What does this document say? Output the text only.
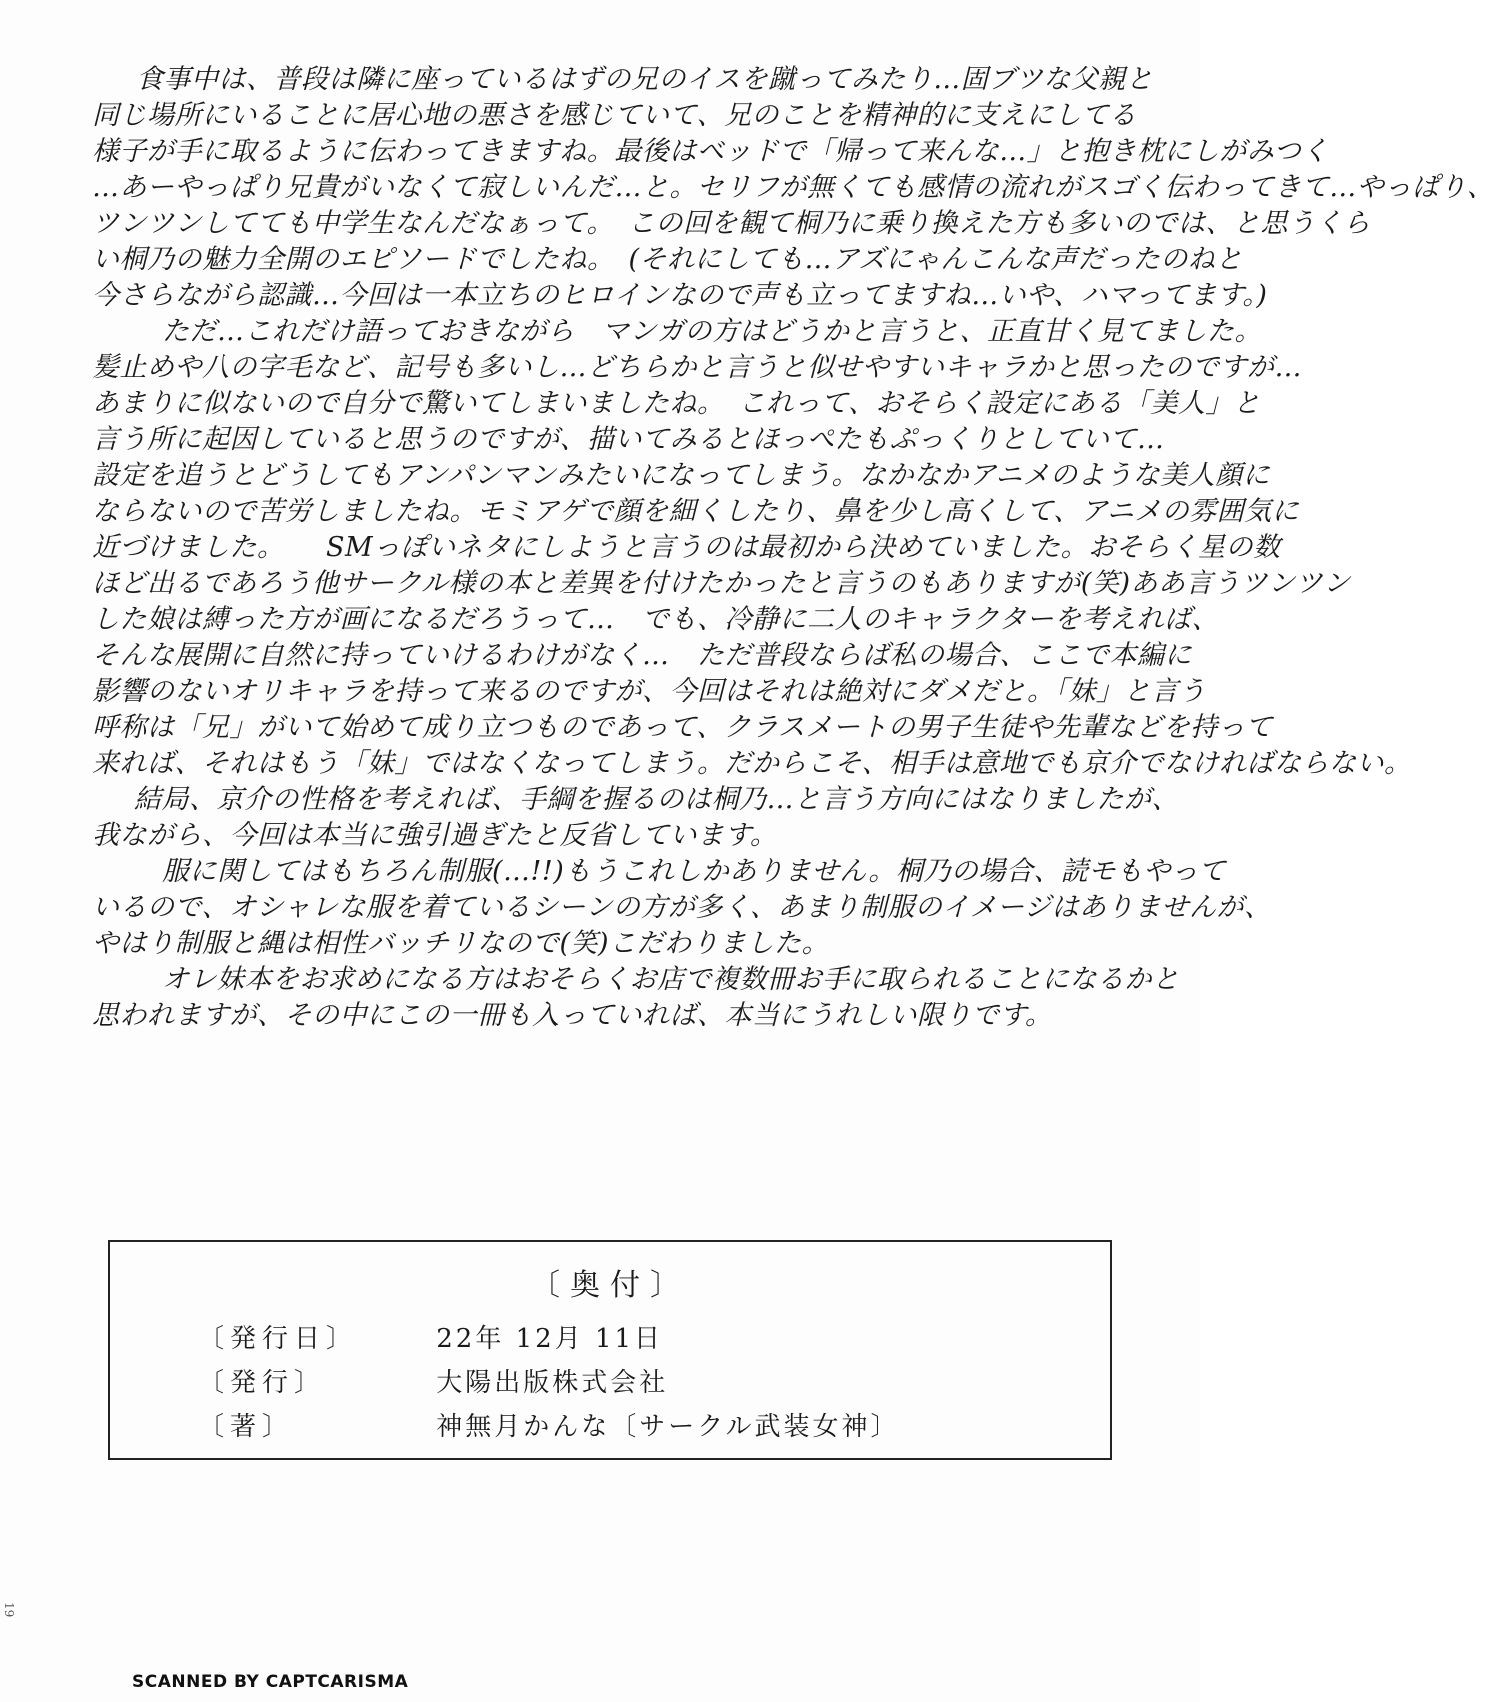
食事中は、普段は隣に座っているはずの兄のイスを蹴ってみたり…固ブツな父親と
同じ場所にいることに居心地の悪さを感じていて、兄のことを精神的に支えにしてる
様子が手に取るように伝わってきますね。最後はベッドで「帰って来んな…」と抱き枕にしがみつく
…あーやっぱり兄貴がいなくて寂しいんだ…と。セリフが無くても感情の流れがスゴく伝わってきて…やっぱり、
ツンツンしてても中学生なんだなぁって。　この回を観て桐乃に乗り換えた方も多いのでは、と思うくら
い桐乃の魅力全開のエピソードでしたね。　(それにしても…アズにゃんこんな声だったのねと
今さらながら認識…今回は一本立ちのヒロインなので声も立ってますね…いや、ハマってます。)
ただ…これだけ語っておきながら　マンガの方はどうかと言うと、正直甘く見てました。
髪止めや八の字毛など、記号も多いし…どちらかと言うと似せやすいキャラかと思ったのですが…
あまりに似ないので自分で驚いてしまいましたね。　これって、おそらく設定にある「美人」と
言う所に起因していると思うのですが、描いてみるとほっぺたもぷっくりとしていて…
設定を追うとどうしてもアンパンマンみたいになってしまう。なかなかアニメのような美人顔に
ならないので苦労しましたね。モミアゲで顔を細くしたり、鼻を少し高くして、アニメの雰囲気に
近づけました。　　SMっぽいネタにしようと言うのは最初から決めていました。おそらく星の数
ほど出るであろう他サークル様の本と差異を付けたかったと言うのもありますが(笑)ああ言うツンツン
した娘は縛った方が画になるだろうって…　でも、冷静に二人のキャラクターを考えれば、
そんな展開に自然に持っていけるわけがなく…　ただ普段ならば私の場合、ここで本編に
影響のないオリキャラを持って来るのですが、今回はそれは絶対にダメだと。「妹」と言う
呼称は「兄」がいて始めて成り立つものであって、クラスメートの男子生徒や先輩などを持って
来れば、それはもう「妹」ではなくなってしまう。だからこそ、相手は意地でも京介でなければならない。
結局、京介の性格を考えれば、手綱を握るのは桐乃…と言う方向にはなりましたが、
我ながら、今回は本当に強引過ぎたと反省しています。
服に関してはもちろん制服(…!!)もうこれしかありません。桐乃の場合、読モもやって
いるので、オシャレな服を着ているシーンの方が多く、あまり制服のイメージはありませんが、
やはり制服と縄は相性バッチリなので(笑)こだわりました。
オレ妹本をお求めになる方はおそらくお店で複数冊お手に取られることになるかと
思われますが、その中にこの一冊も入っていれば、本当にうれしい限りです。
〔奥付〕
〔発行日〕	22年 12月 11日
〔発行〕	大陽出版株式会社
〔著〕	神無月かんな〔サークル武装女神〕
19
SCANNED BY CAPTCARISMA
